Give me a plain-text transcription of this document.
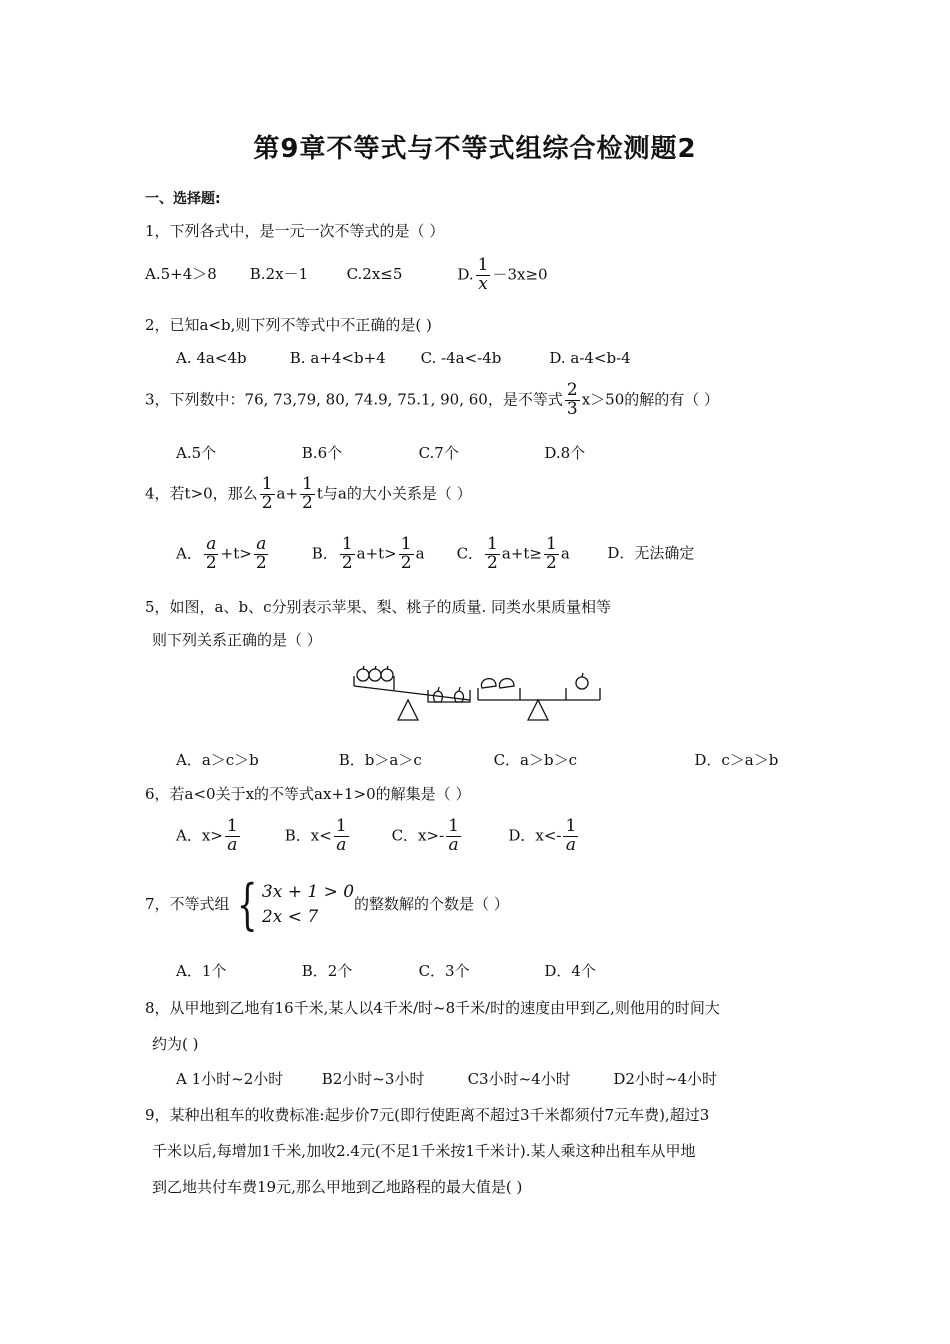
第9章不等式与不等式组综合检测题2
一、选择题:
1，下列各式中，是一元一次不等式的是（ ）
A.5+4＞8 B.2x－1	C.2x≤5	D. $\frac{1}{x} -3x\ge 0$
2，已知a<b,则下列不等式中不正确的是( )
A. 4a<4b	B. a+4<b+4 C. -4a<-4b	D. a-4<b-4
3，下列数中：76, 73,79, 80, 74.9, 75.1, 90, 60，是不等式 $\frac{2}{3} x>50$的解的有（ ）
A.5个	B.6个	C.7个	D.8个
4，若t>0，那么 $\frac{1}{2} a+ \frac{1}{2}$ t与a的大小关系是（ ）
A． $\frac{a}{2} +t> \frac{a}{2}$	B． $\frac{1}{2} a+t> \frac{1}{2}$ a C． $\frac{1}{2} a+t\ge \frac{1}{2}$ a	D．无法确定
5，如图，a、b、c分别表示苹果、梨、桃子的质量. 同类水果质量相等
则下列关系正确的是（ ）
A．a＞c＞b	B．b＞a＞c	C．a＞b＞c	D．c＞a＞b
6，若a<0关于x的不等式ax+1>0的解集是（ ）
A．$x> \frac{1}{a}$	B．$x< \frac{1}{a}$	C．$x>- \frac{1}{a}$	D．$x<- \frac{1}{a}$
7，不等式组 { 3x + 1 > 0
2x < 7
的整数解的个数是（ ）
A．1个	B．2个	C．3个	D．4个
8，从甲地到乙地有16千米,某人以4千米/时~8千米/时的速度由甲到乙,则他用的时间大
约为( )
A 1小时~2小时	B2小时~3小时	C3小时~4小时	D2小时~4小时
9，某种出租车的收费标准:起步价7元(即行使距离不超过3千米都须付7元车费),超过3
千米以后,每增加1千米,加收2.4元(不足1千米按1千米计).某人乘这种出租车从甲地
到乙地共付车费19元,那么甲地到乙地路程的最大值是( )
